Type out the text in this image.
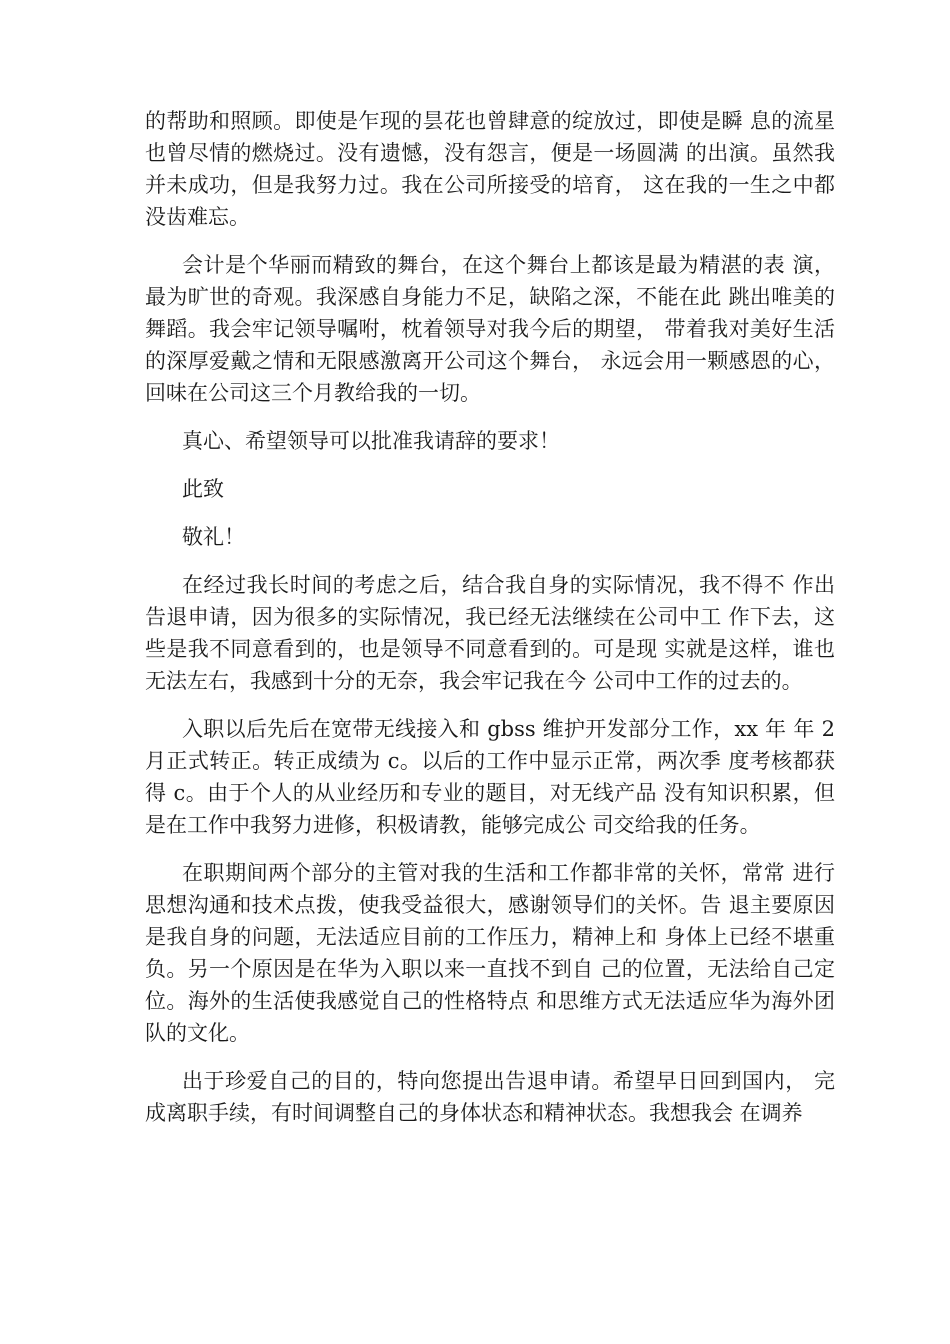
的帮助和照顾。即使是乍现的昙花也曾肆意的绽放过，即使是瞬 息的流星也曾尽情的燃烧过。没有遗憾，没有怨言，便是一场圆满 的出演。虽然我并未成功，但是我努力过。我在公司所接受的培育， 这在我的一生之中都没齿难忘。

会计是个华丽而精致的舞台，在这个舞台上都该是最为精湛的表 演，最为旷世的奇观。我深感自身能力不足，缺陷之深，不能在此 跳出唯美的舞蹈。我会牢记领导嘱咐，枕着领导对我今后的期望， 带着我对美好生活的深厚爱戴之情和无限感激离开公司这个舞台， 永远会用一颗感恩的心，回味在公司这三个月教给我的一切。

真心、希望领导可以批准我请辞的要求！

此致

敬礼！

在经过我长时间的考虑之后，结合我自身的实际情况，我不得不 作出告退申请，因为很多的实际情况，我已经无法继续在公司中工 作下去，这些是我不同意看到的，也是领导不同意看到的。可是现 实就是这样，谁也无法左右，我感到十分的无奈，我会牢记我在今 公司中工作的过去的。

入职以后先后在宽带无线接入和 gbss 维护开发部分工作，xx 年 年 2 月正式转正。转正成绩为 c。以后的工作中显示正常，两次季 度考核都获得 c。由于个人的从业经历和专业的题目，对无线产品 没有知识积累，但是在工作中我努力进修，积极请教，能够完成公 司交给我的任务。

在职期间两个部分的主管对我的生活和工作都非常的关怀，常常 进行思想沟通和技术点拨，使我受益很大，感谢领导们的关怀。告 退主要原因是我自身的问题，无法适应目前的工作压力，精神上和 身体上已经不堪重负。另一个原因是在华为入职以来一直找不到自 己的位置，无法给自己定位。海外的生活使我感觉自己的性格特点 和思维方式无法适应华为海外团队的文化。

出于珍爱自己的目的，特向您提出告退申请。希望早日回到国内， 完成离职手续，有时间调整自己的身体状态和精神状态。我想我会 在调养
